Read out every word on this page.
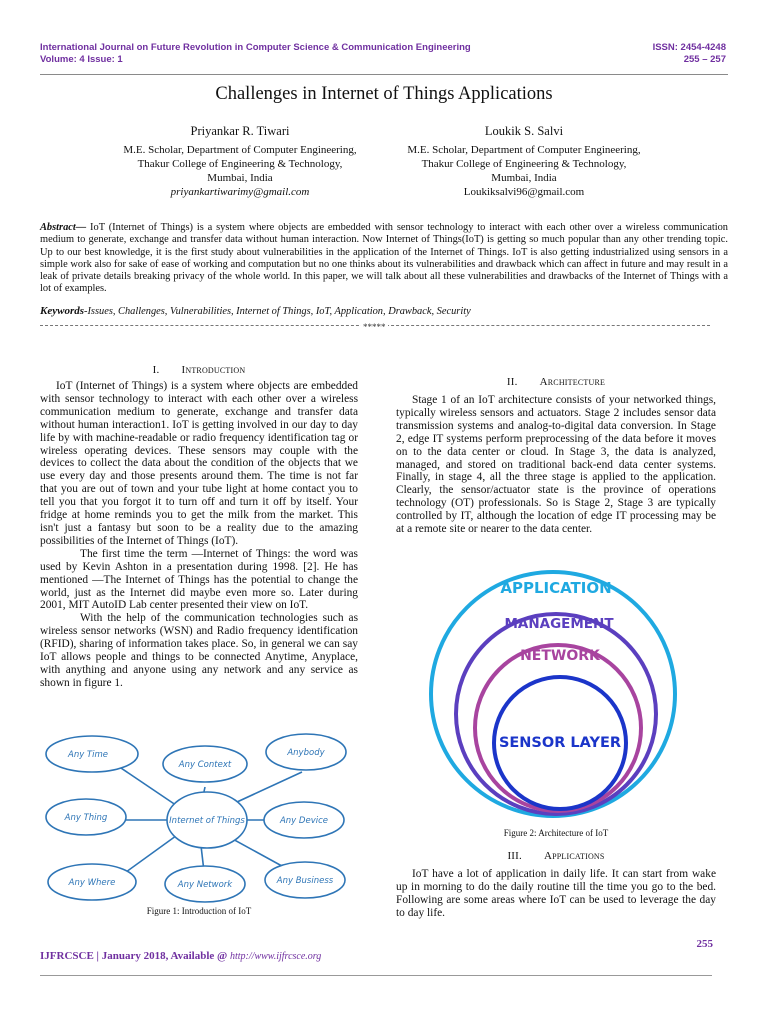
International Journal on Future Revolution in Computer Science & Communication Engineering
Volume: 4 Issue: 1
ISSN: 2454-4248
255 – 257
Challenges in Internet of Things Applications
Priyankar R. Tiwari
M.E. Scholar, Department of Computer Engineering,
Thakur College of Engineering & Technology,
Mumbai, India
priyankartiwarimy@gmail.com
Loukik S. Salvi
M.E. Scholar, Department of Computer Engineering,
Thakur College of Engineering & Technology,
Mumbai, India
Loukiksalvi96@gmail.com
Abstract— IoT (Internet of Things) is a system where objects are embedded with sensor technology to interact with each other over a wireless communication medium to generate, exchange and transfer data without human interaction. Now Internet of Things(IoT) is getting so much popular than any other trending topic. Up to our best knowledge, it is the first study about vulnerabilities in the application of the Internet of Things. IoT is also getting industrialized using sensors in a simple work also for sake of ease of working and computation but no one thinks about its vulnerabilities and drawback which can affect in future and may result in a leak of private details breaking privacy of the whole world. In this paper, we will talk about all these vulnerabilities and drawbacks of the Internet of Things with a lot of examples.
Keywords-Issues, Challenges, Vulnerabilities, Internet of Things, IoT, Application, Drawback, Security
*****
I. Introduction

IoT (Internet of Things) is a system where objects are embedded with sensor technology to interact with each other over a wireless communication medium to generate, exchange and transfer data without human interaction1. IoT is getting involved in our day to day life by with machine-readable or radio frequency identification tag or wireless operating devices. These sensors may couple with the devices to collect the data about the condition of the objects that we use every day and those presents around them. The time is not far that you are out of town and your tube light at home contact you to tell you that you forgot it to turn off and turn it off by itself. Your fridge at home reminds you to get the milk from the market. This isn't just a fantasy but soon to be a reality due to the amazing possibilities of the Internet of Things (IoT).

The first time the term ―Internet of Things: the word was used by Kevin Ashton in a presentation during 1998. [2]. He has mentioned ―The Internet of Things has the potential to change the world, just as the Internet did maybe even more so. Later during 2001, MIT AutoID Lab center presented their view on IoT.

With the help of the communication technologies such as wireless sensor networks (WSN) and Radio frequency identification (RFID), sharing of information takes place. So, in general we can say IoT allows people and things to be connected Anytime, Anyplace, with anything and anyone using any network and any service as shown in figure 1.

Any Time
Any Context
Anybody
Any Thing	Any Device
Any Where	Any Network	Any Business
Internet of Things
Figure 1: Introduction of IoT
II. Architecture

Stage 1 of an IoT architecture consists of your networked things, typically wireless sensors and actuators. Stage 2 includes sensor data transmission systems and analog-to-digital data conversion. In Stage 2, edge IT systems perform preprocessing of the data before it moves on to the data center or cloud. In Stage 3, the data is analyzed, managed, and stored on traditional back-end data center systems. Finally, in stage 4, all the three stage is applied to the application. Clearly, the sensor/actuator state is the province of operations technology (OT) professionals. So is Stage 2, Stage 3 are typically controlled by IT, although the location of edge IT processing may be at a remote site or nearer to the data center.

APPLICATION
MANAGEMENT
NETWORK
SENSOR LAYER
Figure 2: Architecture of IoT
III. Applications

IoT have a lot of application in daily life. It can start from wake up in morning to do the daily routine till the time you go to the bed. Following are some areas where IoT can be used to leverage the day to day life.

255
IJFRCSCE | January 2018, Available @ http://www.ijfrcsce.org
